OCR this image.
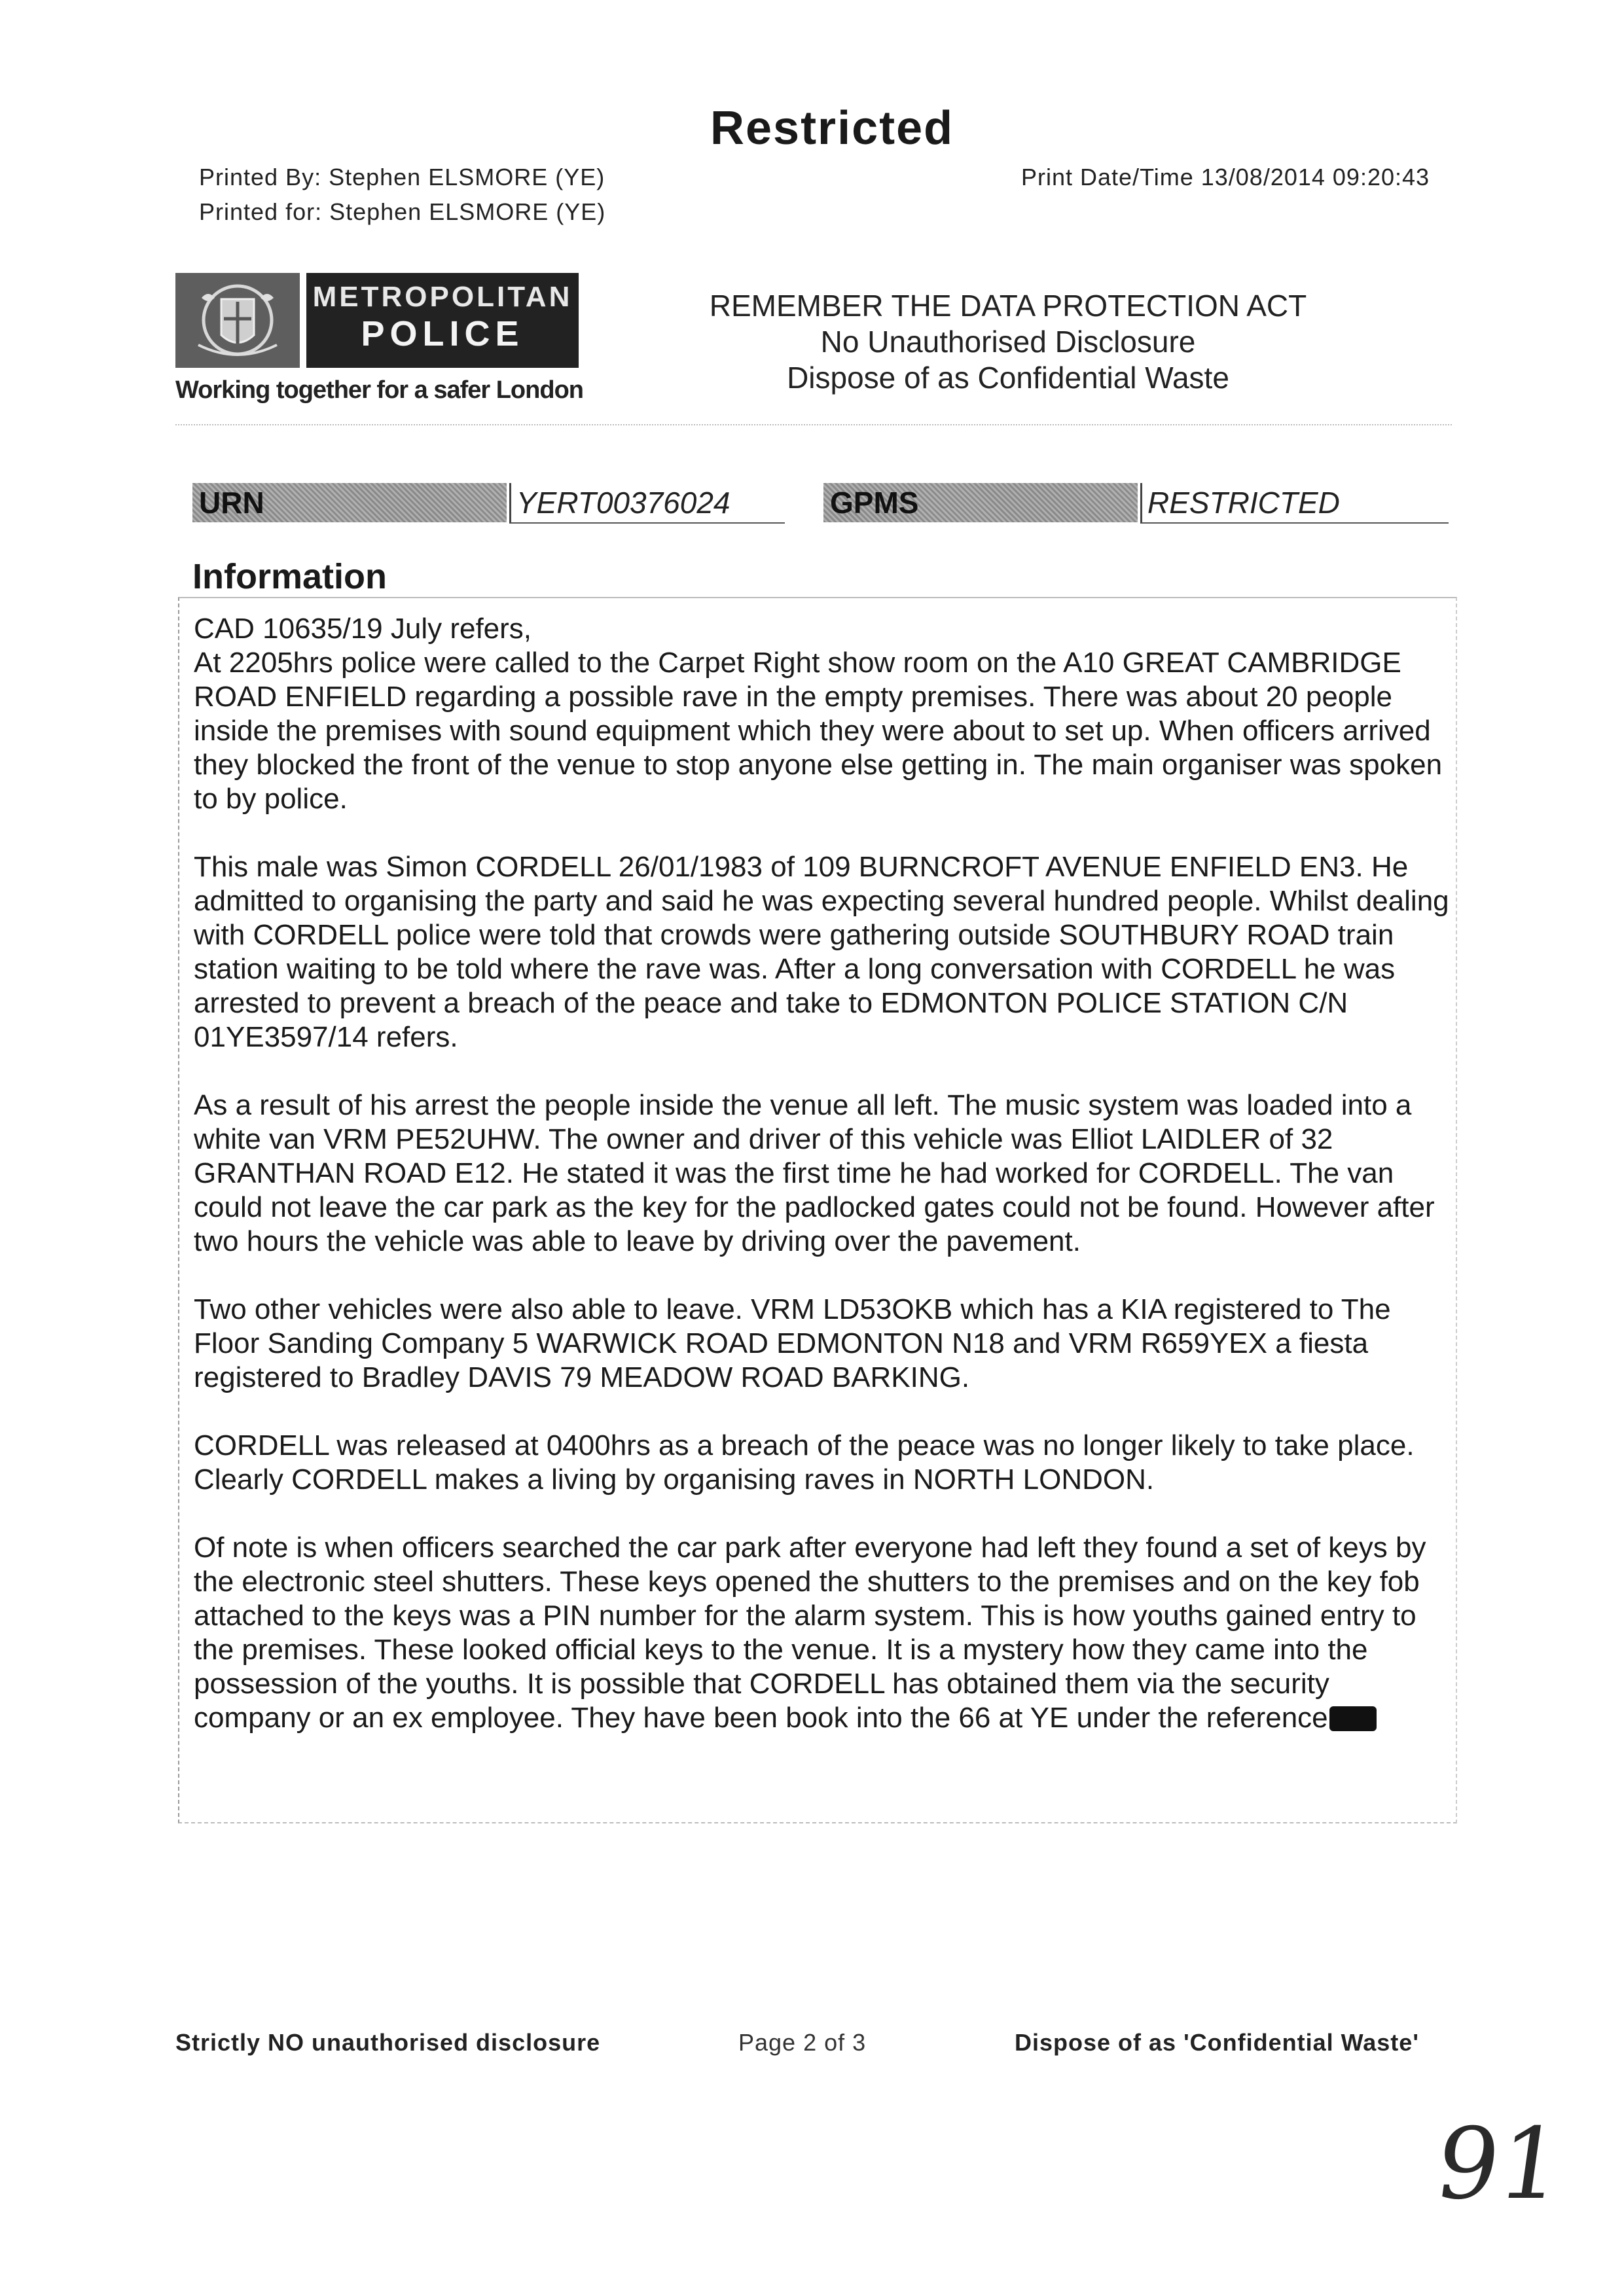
Printed By: Stephen ELSMORE (YE)
Printed for: Stephen ELSMORE (YE)
Restricted
Print Date/Time 13/08/2014 09:20:43
METROPOLITAN
POLICE
Working together for a safer London
REMEMBER THE DATA PROTECTION ACT
No Unauthorised Disclosure
Dispose of as Confidential Waste
URN	YERT00376024	GPMS	RESTRICTED
Information

CAD 10635/19 July refers,

At 2205hrs police were called to the Carpet Right show room on the A10 GREAT CAMBRIDGE ROAD ENFIELD regarding a possible rave in the empty premises. There was about 20 people inside the premises with sound equipment which they were about to set up. When officers arrived they blocked the front of the venue to stop anyone else getting in. The main organiser was spoken to by police.

This male was Simon CORDELL 26/01/1983 of 109 BURNCROFT AVENUE ENFIELD EN3. He admitted to organising the party and said he was expecting several hundred people. Whilst dealing with CORDELL police were told that crowds were gathering outside SOUTHBURY ROAD train station waiting to be told where the rave was. After a long conversation with CORDELL he was arrested to prevent a breach of the peace and take to EDMONTON POLICE STATION C/N 01YE3597/14 refers.

As a result of his arrest the people inside the venue all left. The music system was loaded into a white van VRM PE52UHW. The owner and driver of this vehicle was Elliot LAIDLER of 32 GRANTHAN ROAD E12. He stated it was the first time he had worked for CORDELL. The van could not leave the car park as the key for the padlocked gates could not be found. However after two hours the vehicle was able to leave by driving over the pavement.

Two other vehicles were also able to leave. VRM LD53OKB which has a KIA registered to The Floor Sanding Company 5 WARWICK ROAD EDMONTON N18 and VRM R659YEX a fiesta registered to Bradley DAVIS 79 MEADOW ROAD BARKING.

CORDELL was released at 0400hrs as a breach of the peace was no longer likely to take place. Clearly CORDELL makes a living by organising raves in NORTH LONDON.

Of note is when officers searched the car park after everyone had left they found a set of keys by the electronic steel shutters. These keys opened the shutters to the premises and on the key fob attached to the keys was a PIN number for the alarm system. This is how youths gained entry to the premises. These looked official keys to the venue. It is a mystery how they came into the possession of the youths. It is possible that CORDELL has obtained them via the security company or an ex employee. They have been book into the 66 at YE under the reference

Strictly NO unauthorised disclosure	Page 2 of 3	Dispose of as 'Confidential Waste'
91
